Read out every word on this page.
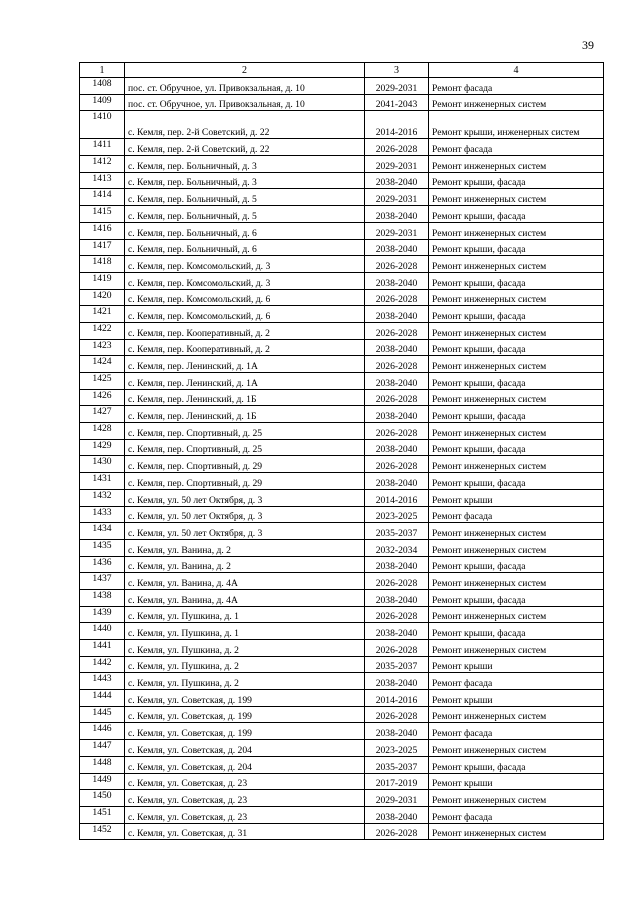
39
1	2	3	4
1408	пос. ст. Обручное, ул. Привокзальная, д. 10	2029-2031	Ремонт фасада
1409	пос. ст. Обручное, ул. Привокзальная, д. 10	2041-2043	Ремонт инженерных систем
1410	с. Кемля, пер. 2-й Советский, д. 22	2014-2016	Ремонт крыши, инженерных систем
1411	с. Кемля, пер. 2-й Советский, д. 22	2026-2028	Ремонт фасада
1412	с. Кемля, пер. Больничный, д. 3	2029-2031	Ремонт инженерных систем
1413	с. Кемля, пер. Больничный, д. 3	2038-2040	Ремонт крыши, фасада
1414	с. Кемля, пер. Больничный, д. 5	2029-2031	Ремонт инженерных систем
1415	с. Кемля, пер. Больничный, д. 5	2038-2040	Ремонт крыши, фасада
1416	с. Кемля, пер. Больничный, д. 6	2029-2031	Ремонт инженерных систем
1417	с. Кемля, пер. Больничный, д. 6	2038-2040	Ремонт крыши, фасада
1418	с. Кемля, пер. Комсомольский, д. 3	2026-2028	Ремонт инженерных систем
1419	с. Кемля, пер. Комсомольский, д. 3	2038-2040	Ремонт крыши, фасада
1420	с. Кемля, пер. Комсомольский, д. 6	2026-2028	Ремонт инженерных систем
1421	с. Кемля, пер. Комсомольский, д. 6	2038-2040	Ремонт крыши, фасада
1422	с. Кемля, пер. Кооперативный, д. 2	2026-2028	Ремонт инженерных систем
1423	с. Кемля, пер. Кооперативный, д. 2	2038-2040	Ремонт крыши, фасада
1424	с. Кемля, пер. Ленинский, д. 1А	2026-2028	Ремонт инженерных систем
1425	с. Кемля, пер. Ленинский, д. 1А	2038-2040	Ремонт крыши, фасада
1426	с. Кемля, пер. Ленинский, д. 1Б	2026-2028	Ремонт инженерных систем
1427	с. Кемля, пер. Ленинский, д. 1Б	2038-2040	Ремонт крыши, фасада
1428	с. Кемля, пер. Спортивный, д. 25	2026-2028	Ремонт инженерных систем
1429	с. Кемля, пер. Спортивный, д. 25	2038-2040	Ремонт крыши, фасада
1430	с. Кемля, пер. Спортивный, д. 29	2026-2028	Ремонт инженерных систем
1431	с. Кемля, пер. Спортивный, д. 29	2038-2040	Ремонт крыши, фасада
1432	с. Кемля, ул. 50 лет Октября, д. 3	2014-2016	Ремонт крыши
1433	с. Кемля, ул. 50 лет Октября, д. 3	2023-2025	Ремонт фасада
1434	с. Кемля, ул. 50 лет Октября, д. 3	2035-2037	Ремонт инженерных систем
1435	с. Кемля, ул. Ванина, д. 2	2032-2034	Ремонт инженерных систем
1436	с. Кемля, ул. Ванина, д. 2	2038-2040	Ремонт крыши, фасада
1437	с. Кемля, ул. Ванина, д. 4А	2026-2028	Ремонт инженерных систем
1438	с. Кемля, ул. Ванина, д. 4А	2038-2040	Ремонт крыши, фасада
1439	с. Кемля, ул. Пушкина, д. 1	2026-2028	Ремонт инженерных систем
1440	с. Кемля, ул. Пушкина, д. 1	2038-2040	Ремонт крыши, фасада
1441	с. Кемля, ул. Пушкина, д. 2	2026-2028	Ремонт инженерных систем
1442	с. Кемля, ул. Пушкина, д. 2	2035-2037	Ремонт крыши
1443	с. Кемля, ул. Пушкина, д. 2	2038-2040	Ремонт фасада
1444	с. Кемля, ул. Советская, д. 199	2014-2016	Ремонт крыши
1445	с. Кемля, ул. Советская, д. 199	2026-2028	Ремонт инженерных систем
1446	с. Кемля, ул. Советская, д. 199	2038-2040	Ремонт фасада
1447	с. Кемля, ул. Советская, д. 204	2023-2025	Ремонт инженерных систем
1448	с. Кемля, ул. Советская, д. 204	2035-2037	Ремонт крыши, фасада
1449	с. Кемля, ул. Советская, д. 23	2017-2019	Ремонт крыши
1450	с. Кемля, ул. Советская, д. 23	2029-2031	Ремонт инженерных систем
1451	с. Кемля, ул. Советская, д. 23	2038-2040	Ремонт фасада
1452	с. Кемля, ул. Советская, д. 31	2026-2028	Ремонт инженерных систем
